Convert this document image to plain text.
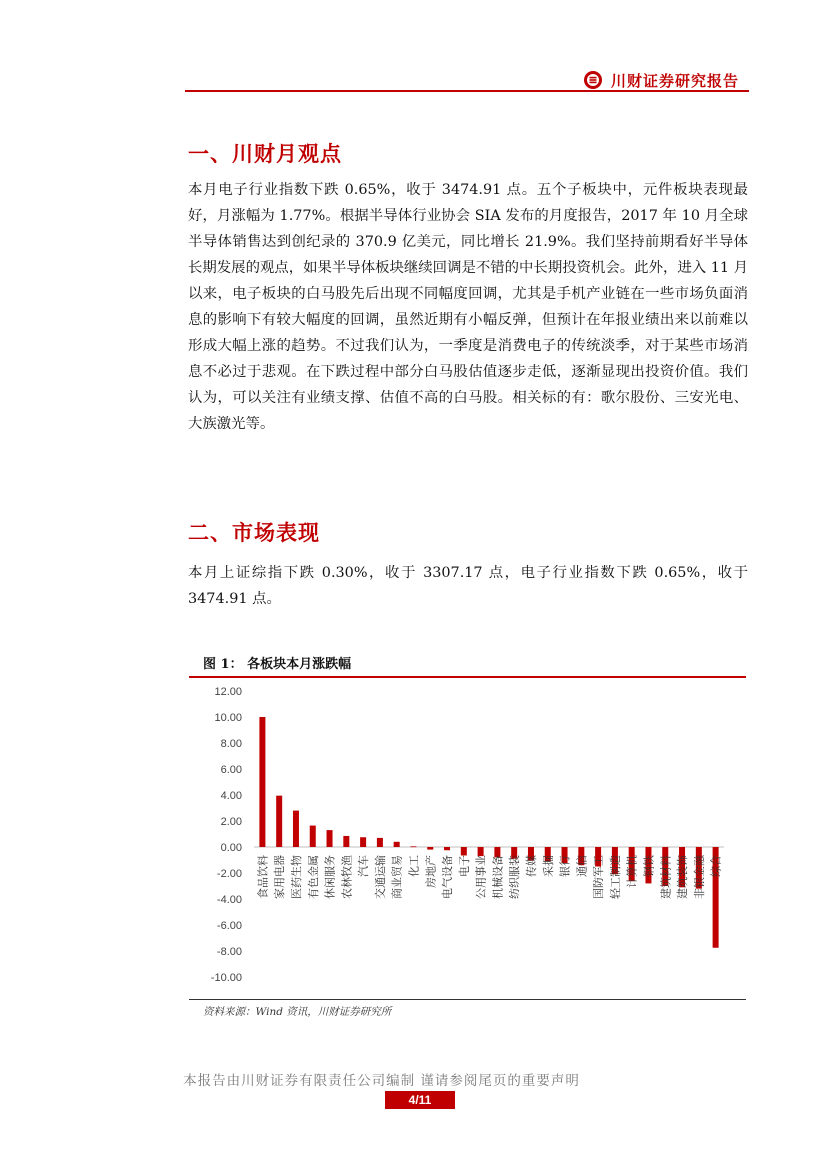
川财证券研究报告
一、川财月观点

本月电子行业指数下跌 0.65%，收于 3474.91 点。五个子板块中，元件板块表现最好，月涨幅为 1.77%。根据半导体行业协会 SIA 发布的月度报告，2017 年 10 月全球半导体销售达到创纪录的 370.9 亿美元，同比增长 21.9%。我们坚持前期看好半导体长期发展的观点，如果半导体板块继续回调是不错的中长期投资机会。此外，进入 11 月以来，电子板块的白马股先后出现不同幅度回调，尤其是手机产业链在一些市场负面消息的影响下有较大幅度的回调，虽然近期有小幅反弹，但预计在年报业绩出来以前难以形成大幅上涨的趋势。不过我们认为，一季度是消费电子的传统淡季，对于某些市场消息不必过于悲观。在下跌过程中部分白马股估值逐步走低，逐渐显现出投资价值。我们认为，可以关注有业绩支撑、估值不高的白马股。相关标的有：歌尔股份、三安光电、大族激光等。

二、市场表现

本月上证综指下跌 0.30%，收于 3307.17 点，电子行业指数下跌 0.65%，收于 3474.91 点。

图 1： 各板块本月涨跌幅
12.00
10.00
8.00
6.00
4.00
2.00
0.00
-2.00
-4.00
-6.00
-8.00
-10.00
食品饮料 家用电器 医药生物 有色金属 休闲服务 农林牧渔 汽车 交通运输 商业贸易 化工 房地产 电气设备 电子 公用事业 机械设备 纺织服装 传媒 采掘 银行 通信 国防军工 轻工制造 计算机 钢铁 建筑材料 建筑装饰 非银金融 综合
资料来源：Wind 资讯，川财证券研究所
本报告由川财证券有限责任公司编制 谨请参阅尾页的重要声明
4/11
